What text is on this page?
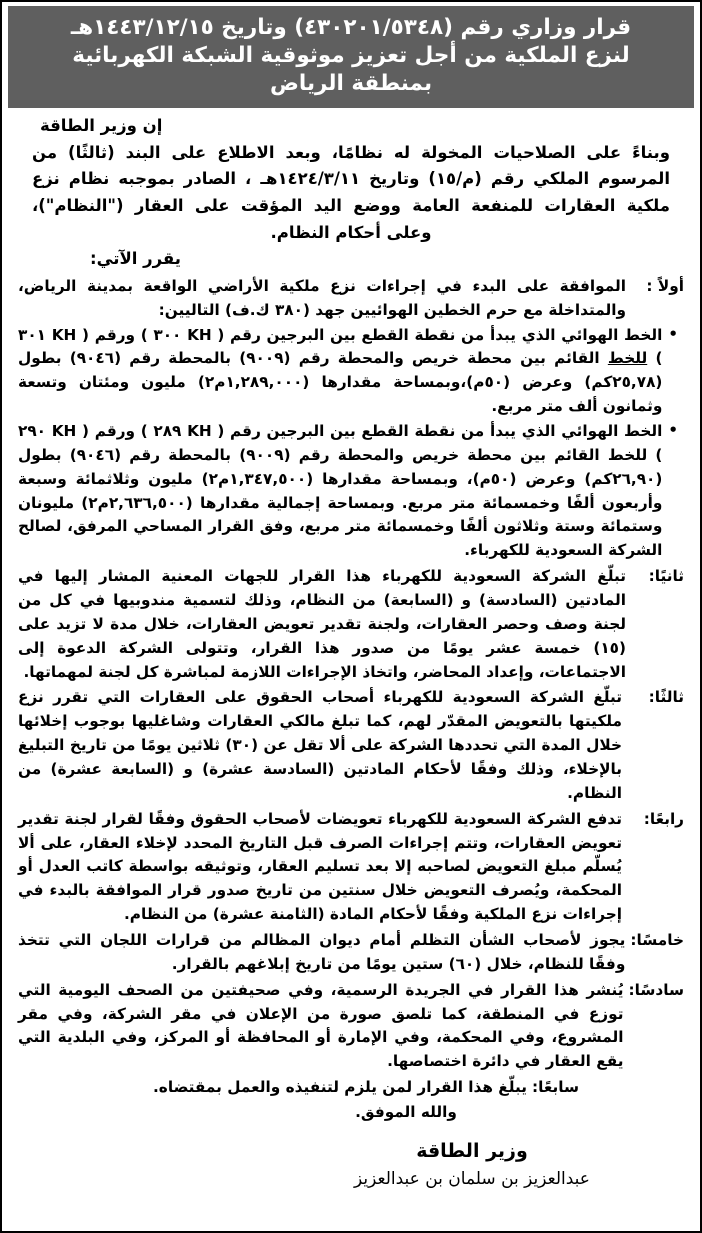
قرار وزاري رقم (٤٣٠٢٠١/٥٣٤٨) وتاريخ ١٤٤٣/١٢/١٥هـ
لنزع الملكية من أجل تعزيز موثوقية الشبكة الكهربائية
بمنطقة الرياض
إن وزير الطاقة
وبناءً على الصلاحيات المخولة له نظامًا، وبعد الاطلاع على البند (ثالثًا) من المرسوم الملكي رقم (م/١٥) وتاريخ ١٤٢٤/٣/١١هـ ، الصادر بموجبه نظام نزع ملكية العقارات للمنفعة العامة ووضع اليد المؤقت على العقار ("النظام")، وعلى أحكام النظام.
يقرر الآتي:
أولاً :
الموافقة على البدء في إجراءات نزع ملكية الأراضي الواقعة بمدينة الرياض، والمتداخلة مع حرم الخطين الهوائيين جهد (٣٨٠ ك.ف) التاليين:
•
الخط الهوائي الذي يبدأ من نقطة القطع بين البرجين رقم ( KH ٣٠٠ ) ورقم ( KH ٣٠١ ) للخط القائم بين محطة خريص والمحطة رقم (٩٠٠٩) بالمحطة رقم (٩٠٤٦) بطول (٢٥,٧٨كم) وعرض (٥٠م)،وبمساحة مقدارها (١,٢٨٩,٠٠٠م٢) مليون ومئتان وتسعة وثمانون ألف متر مربع.
•
الخط الهوائي الذي يبدأ من نقطة القطع بين البرجين رقم ( KH ٢٨٩ ) ورقم ( KH ٢٩٠ ) للخط القائم بين محطة خريص والمحطة رقم (٩٠٠٩) بالمحطة رقم (٩٠٤٦) بطول (٢٦,٩٠كم) وعرض (٥٠م)، وبمساحة مقدارها (١,٣٤٧,٥٠٠م٢) مليون وثلاثمائة وسبعة وأربعون ألفًا وخمسمائة متر مربع. وبمساحة إجمالية مقدارها (٢,٦٣٦,٥٠٠م٢) مليونان وستمائة وستة وثلاثون ألفًا وخمسمائة متر مربع، وفق القرار المساحي المرفق، لصالح الشركة السعودية للكهرباء.
ثانيًا:
تبلّغ الشركة السعودية للكهرباء هذا القرار للجهات المعنية المشار إليها في المادتين (السادسة) و (السابعة) من النظام، وذلك لتسمية مندوبيها في كل من لجنة وصف وحصر العقارات، ولجنة تقدير تعويض العقارات، خلال مدة لا تزيد على (١٥) خمسة عشر يومًا من صدور هذا القرار، وتتولى الشركة الدعوة إلى الاجتماعات، وإعداد المحاضر، واتخاذ الإجراءات اللازمة لمباشرة كل لجنة لمهماتها.
ثالثًا:
تبلّغ الشركة السعودية للكهرباء أصحاب الحقوق على العقارات التي تقرر نزع ملكيتها بالتعويض المقدّر لهم، كما تبلغ مالكي العقارات وشاغليها بوجوب إخلائها خلال المدة التي تحددها الشركة على ألا تقل عن (٣٠) ثلاثين يومًا من تاريخ التبليغ بالإخلاء، وذلك وفقًا لأحكام المادتين (السادسة عشرة) و (السابعة عشرة) من النظام.
رابعًا:
تدفع الشركة السعودية للكهرباء تعويضات لأصحاب الحقوق وفقًا لقرار لجنة تقدير تعويض العقارات، وتتم إجراءات الصرف قبل التاريخ المحدد لإخلاء العقار، على ألا يُسلّم مبلغ التعويض لصاحبه إلا بعد تسليم العقار، وتوثيقه بواسطة كاتب العدل أو المحكمة، ويُصرف التعويض خلال سنتين من تاريخ صدور قرار الموافقة بالبدء في إجراءات نزع الملكية وفقًا لأحكام المادة (الثامنة عشرة) من النظام.
خامسًا:
يجوز لأصحاب الشأن التظلم أمام ديوان المظالم من قرارات اللجان التي تتخذ وفقًا للنظام، خلال (٦٠) ستين يومًا من تاريخ إبلاغهم بالقرار.
سادسًا:
يُنشر هذا القرار في الجريدة الرسمية، وفي صحيفتين من الصحف اليومية التي توزع في المنطقة، كما تلصق صورة من الإعلان في مقر الشركة، وفي مقر المشروع، وفي المحكمة، وفي الإمارة أو المحافظة أو المركز، وفي البلدية التي يقع العقار في دائرة اختصاصها.
سابعًا:
يبلّغ هذا القرار لمن يلزم لتنفيذه والعمل بمقتضاه.
والله الموفق.
وزير الطاقة
عبدالعزيز بن سلمان بن عبدالعزيز
